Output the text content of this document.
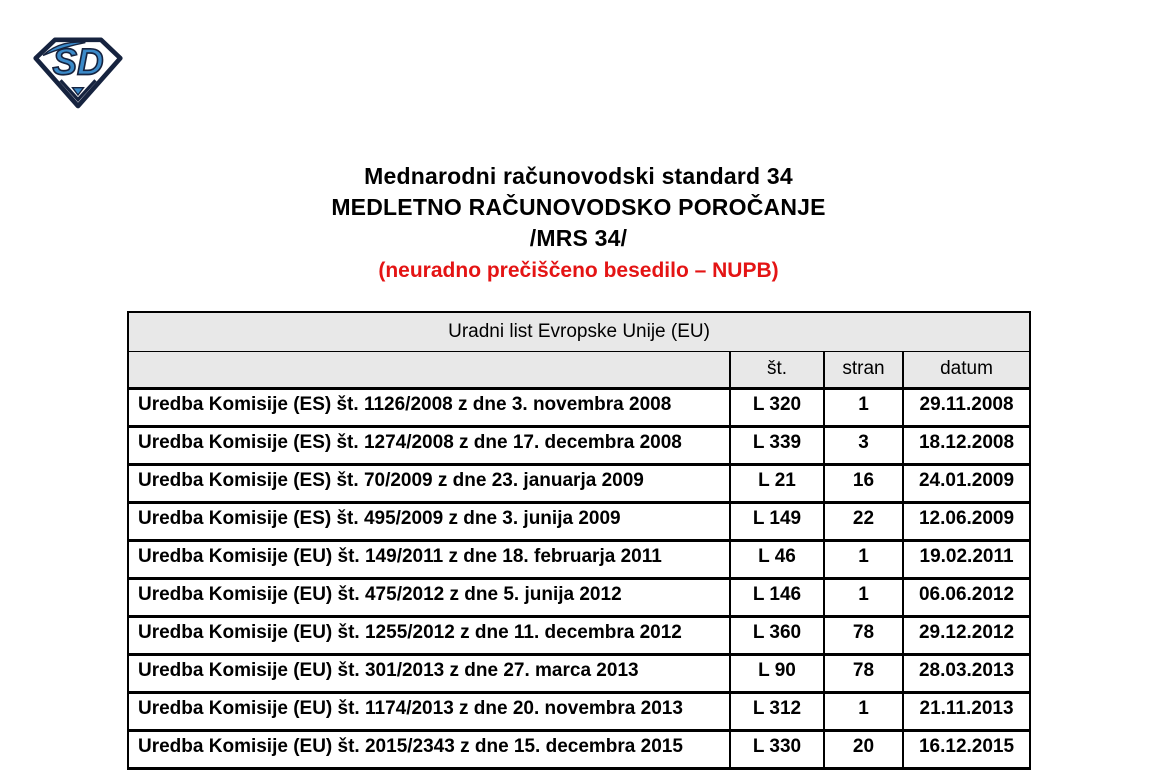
SD
Mednarodni računovodski standard 34
MEDLETNO RAČUNOVODSKO POROČANJE
/MRS 34/
(neuradno prečiščeno besedilo – NUPB)
Uradni list Evropske Unije (EU)			
	št.	stran	datum
Uredba Komisije (ES) št. 1126/2008 z dne 3. novembra 2008	L 320	1	29.11.2008
Uredba Komisije (ES) št. 1274/2008 z dne 17. decembra 2008	L 339	3	18.12.2008
Uredba Komisije (ES) št. 70/2009 z dne 23. januarja 2009	L 21	16	24.01.2009
Uredba Komisije (ES) št. 495/2009 z dne 3. junija 2009	L 149	22	12.06.2009
Uredba Komisije (EU) št. 149/2011 z dne 18. februarja 2011	L 46	1	19.02.2011
Uredba Komisije (EU) št. 475/2012 z dne 5. junija 2012	L 146	1	06.06.2012
Uredba Komisije (EU) št. 1255/2012 z dne 11. decembra 2012	L 360	78	29.12.2012
Uredba Komisije (EU) št. 301/2013 z dne 27. marca 2013	L 90	78	28.03.2013
Uredba Komisije (EU) št. 1174/2013 z dne 20. novembra 2013	L 312	1	21.11.2013
Uredba Komisije (EU) št. 2015/2343 z dne 15. decembra 2015	L 330	20	16.12.2015
